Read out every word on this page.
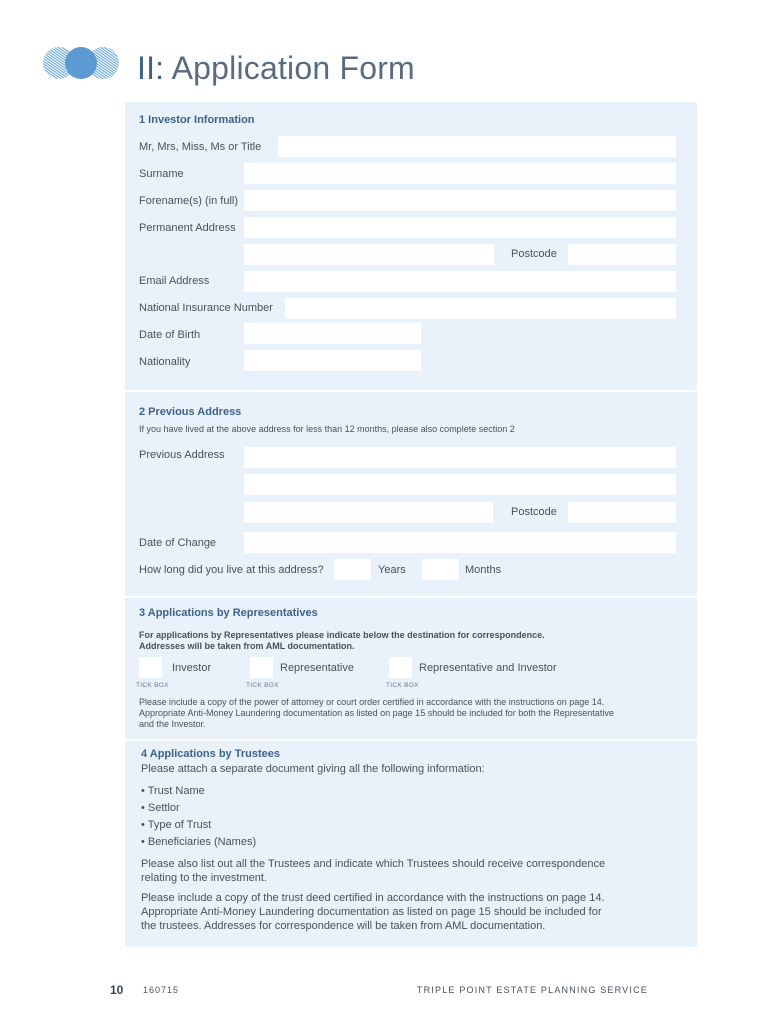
II: Application Form
1 Investor Information
Mr, Mrs, Miss, Ms or Title
Surname
Forename(s) (in full)
Permanent Address
Postcode
Email Address
National Insurance Number
Date of Birth
Nationality
2 Previous Address
If you have lived at the above address for less than 12 months, please also complete section 2
Previous Address
Postcode
Date of Change
How long did you live at this address?	Years	Months
3 Applications by Representatives
For applications by Representatives please indicate below the destination for correspondence.
Addresses will be taken from AML documentation.
Investor
TICK BOX
Representative
TICK BOX
Representative and Investor
TICK BOX
Please include a copy of the power of attorney or court order certified in accordance with the instructions on page 14.
Appropriate Anti-Money Laundering documentation as listed on page 15 should be included for both the Representative
and the Investor.
4 Applications by Trustees
Please attach a separate document giving all the following information:
• Trust Name
• Settlor
• Type of Trust
• Beneficiaries (Names)
Please also list out all the Trustees and indicate which Trustees should receive correspondence
relating to the investment.
Please include a copy of the trust deed certified in accordance with the instructions on page 14.
Appropriate Anti-Money Laundering documentation as listed on page 15 should be included for
the trustees. Addresses for correspondence will be taken from AML documentation.
10 160715	TRIPLE POINT ESTATE PLANNING SERVICE
